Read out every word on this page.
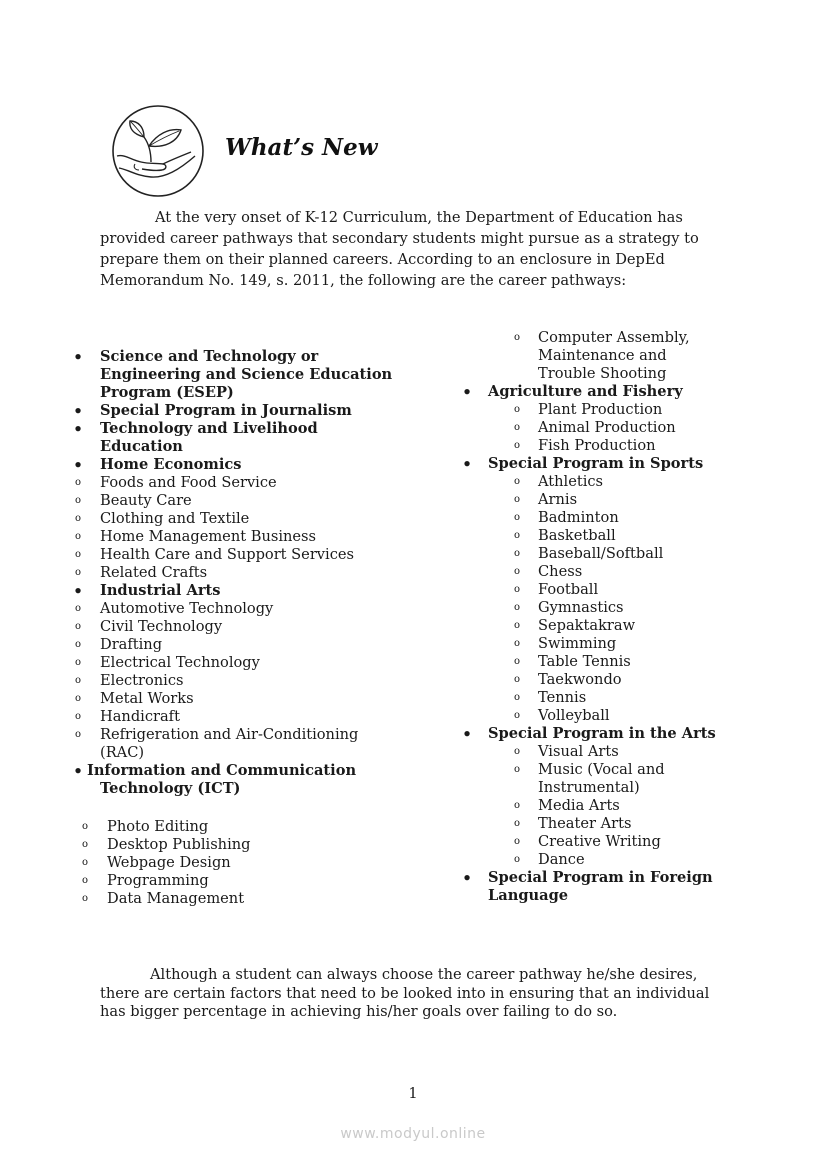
What’s New

At the very onset of K-12 Curriculum, the Department of Education has provided career pathways that secondary students might pursue as a strategy to prepare them on their planned careers. According to an enclosure in DepEd Memorandum No. 149, s. 2011, the following are the career pathways:

• Science and Technology or
Engineering and Science Education
Program (ESEP)
• Special Program in Journalism
• Technology and Livelihood
Education
• Home Economics
o	Foods and Food Service
o	Beauty Care
o	Clothing and Textile
o	Home Management Business
o	Health Care and Support Services
o	Related Crafts
• Industrial Arts
o	Automotive Technology
o	Civil Technology
o	Drafting
o	Electrical Technology
o	Electronics
o	Metal Works
o	Handicraft
o	Refrigeration and Air-Conditioning
(RAC)
• Information and Communication
Technology (ICT)
o	Photo Editing
o	Desktop Publishing
o	Webpage Design
o	Programming
o	Data Management
o	Computer Assembly,
Maintenance and
Trouble Shooting
• Agriculture and Fishery
o	Plant Production
o	Animal Production
o	Fish Production
• Special Program in Sports
o	Athletics
o	Arnis
o	Badminton
o	Basketball
o	Baseball/Softball
o	Chess
o	Football
o	Gymnastics
o	Sepaktakraw
o	Swimming
o	Table Tennis
o	Taekwondo
o	Tennis
o	Volleyball
• Special Program in the Arts
o	Visual Arts
o	Music (Vocal and
Instrumental)
o	Media Arts
o	Theater Arts
o	Creative Writing
o	Dance
• Special Program in Foreign
Language

Although a student can always choose the career pathway he/she desires, there are certain factors that need to be looked into in ensuring that an individual has bigger percentage in achieving his/her goals over failing to do so.

1
www.modyul.online
